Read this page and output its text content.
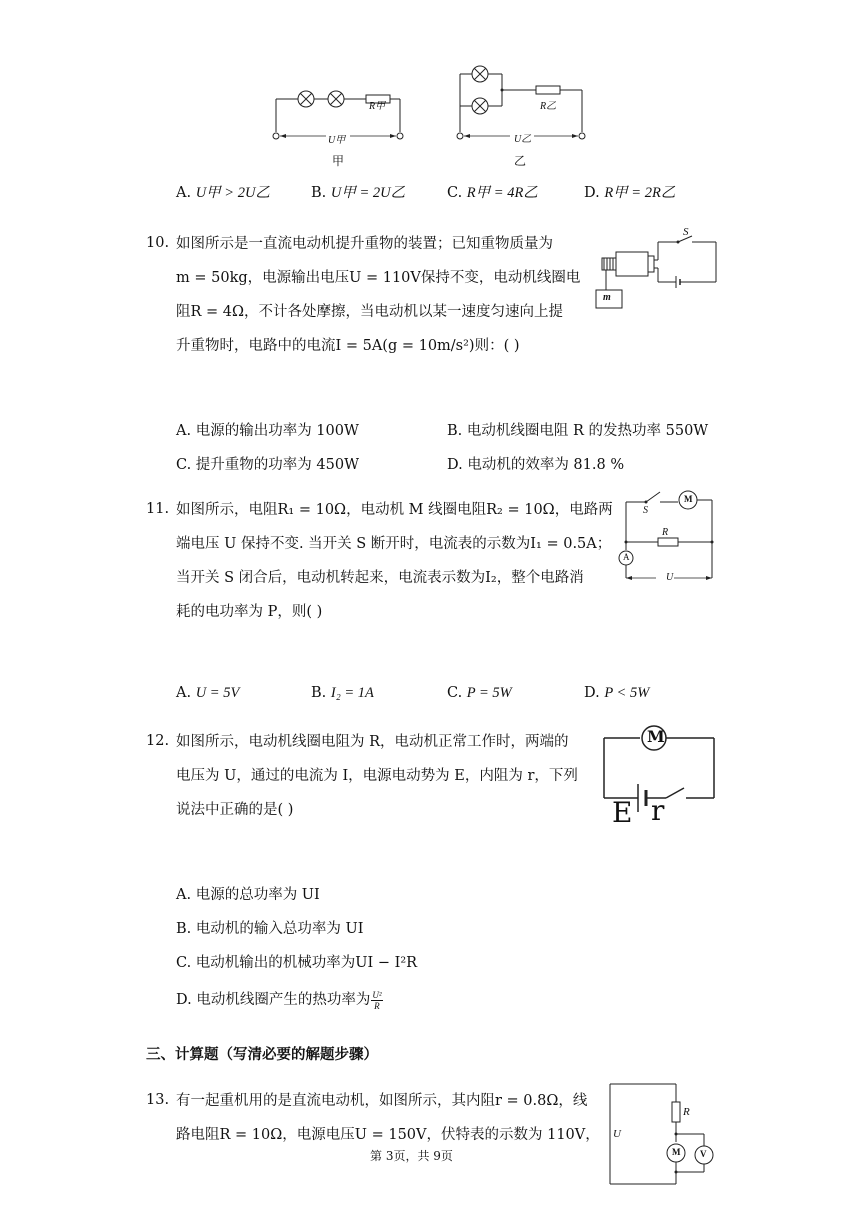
R甲
U甲
甲
R乙
U乙
乙
A. U甲 > 2U乙	B. U甲 = 2U乙	C. R甲 = 4R乙	D. R甲 = 2R乙
10. 如图所示是一直流电动机提升重物的装置；已知重物质量为
m = 50kg，电源输出电压U = 110V保持不变，电动机线圈电
阻R = 4Ω，不计各处摩擦，当电动机以某一速度匀速向上提
升重物时，电路中的电流I = 5A(g = 10m/s²)则：( )
S
m
A. 电源的输出功率为 100W	B. 电动机线圈电阻 R 的发热功率 550W
C. 提升重物的功率为 450W	D. 电动机的效率为 81.8 %
11. 如图所示，电阻R₁ = 10Ω，电动机 M 线圈电阻R₂ = 10Ω，电路两
端电压 U 保持不变. 当开关 S 断开时，电流表的示数为I₁ = 0.5A；
当开关 S 闭合后，电动机转起来，电流表示数为I₂，整个电路消
耗的电功率为 P，则( )
S
M
R
A
U
A. U = 5V	B. I₂ = 1A	C. P = 5W	D. P < 5W
12. 如图所示，电动机线圈电阻为 R，电动机正常工作时，两端的
电压为 U，通过的电流为 I，电源电动势为 E，内阻为 r，下列
说法中正确的是( )
M
E r
A. 电源的总功率为 UI
B. 电动机的输入总功率为 UI
C. 电动机输出的机械功率为UI − I²R
D. 电动机线圈产生的热功率为 $\frac{\text{U²}}{R}$
三、计算题（写清必要的解题步骤）
13. 有一起重机用的是直流电动机，如图所示，其内阻r = 0.8Ω，线
路电阻R = 10Ω，电源电压U = 150V，伏特表的示数为 110V， U
R
M V
第 3页，共 9页
